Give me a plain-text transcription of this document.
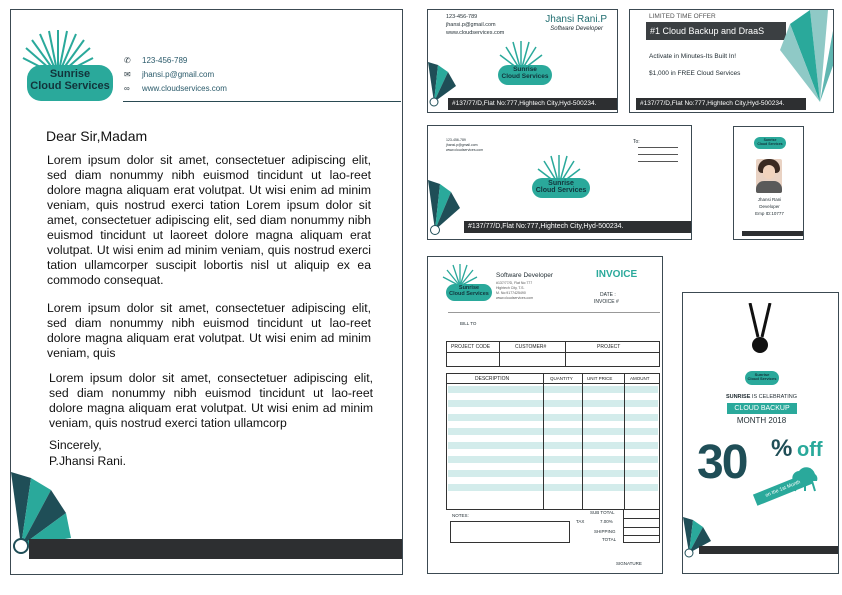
Sunrise
Cloud Services
✆	123-456-789
✉	jhansi.p@gmail.com
∞	www.cloudservices.com
Dear Sir,Madam
Lorem ipsum dolor sit amet, consectetuer adipiscing elit, sed diam nonummy nibh euismod tincidunt ut lao-reet dolore magna aliquam erat volutpat. Ut wisi enim ad minim veniam, quis nostrud exerci tation Lorem ipsum dolor sit amet, consectetuer adipiscing elit, sed diam nonummy nibh euismod tincidunt ut laoreet dolore magna aliquam erat volutpat. Ut wisi enim ad minim veniam, quis nostrud exerci tation ullamcorper suscipit lobortis nisl ut aliquip ex ea commodo consequat.
Lorem ipsum dolor sit amet, consectetuer adipiscing elit, sed diam nonummy nibh euismod tincidunt ut lao-reet dolore magna aliquam erat volutpat. Ut wisi enim ad minim veniam, quis
Lorem ipsum dolor sit amet, consectetuer adipiscing elit, sed diam nonummy nibh euismod tincidunt ut lao-reet dolore magna aliquam erat volutpat. Ut wisi enim ad minim veniam, quis nostrud exerci tation ullamcorp
Sincerely,
P.Jhansi Rani.
123-456-789
jhansi.p@gmail.com
www.cloudservices.com
Jhansi Rani.P
Software Developer
Sunrise
Cloud Services
#137/77/D,Flat No:777,Hightech City,Hyd-500234.
LIMITED TIME OFFER
#1 Cloud Backup and DraaS
Activate in Minutes-Its Built In!
$1,000 in FREE Cloud Services
#137/77/D,Flat No:777,Hightech City,Hyd-500234.
123-456-789
jhansi.p@gmail.com
www.cloudservices.com
To:
Sunrise
Cloud Services
#137/77/D,Flat No:777,Hightech City,Hyd-500234.
Sunrise
Cloud Services
Jhansi Rani
Developer
Emp ID:10777
Sunrise
Cloud Services
Software Developer
#137/77/D, Flat No:777
Hightech City, T.S.
M. No:9177425490
www.cloudservices.com
INVOICE
DATE :
INVOICE #
BILL TO
PROJECT CODE	CUSTOMER#	PROJECT
DESCRIPTION	QUANTITY	UNIT PRICE	AMOUNT
NOTES:
SUB TOTAL
TAX	7.00%
SHIPPING
TOTAL
SIGNATURE
Sunrise
Cloud Services
SUNRISE IS CELEBRATING
CLOUD BACKUP
MONTH 2018
30 % off
on the 1st Month
